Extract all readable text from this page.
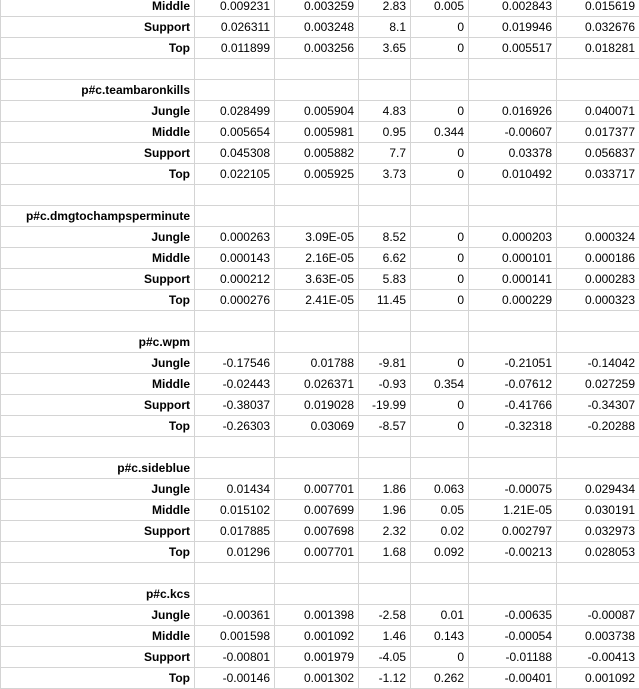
Middle	0.009231	0.003259	2.83	0.005	0.002843	0.015619
Support	0.026311	0.003248	8.1	0	0.019946	0.032676
Top	0.011899	0.003256	3.65	0	0.005517	0.018281

p#c.teambaronkills						
Jungle	0.028499	0.005904	4.83	0	0.016926	0.040071
Middle	0.005654	0.005981	0.95	0.344	-0.00607	0.017377
Support	0.045308	0.005882	7.7	0	0.03378	0.056837
Top	0.022105	0.005925	3.73	0	0.010492	0.033717

p#c.dmgtochampsperminute						
Jungle	0.000263	3.09E-05	8.52	0	0.000203	0.000324
Middle	0.000143	2.16E-05	6.62	0	0.000101	0.000186
Support	0.000212	3.63E-05	5.83	0	0.000141	0.000283
Top	0.000276	2.41E-05	11.45	0	0.000229	0.000323

p#c.wpm						
Jungle	-0.17546	0.01788	-9.81	0	-0.21051	-0.14042
Middle	-0.02443	0.026371	-0.93	0.354	-0.07612	0.027259
Support	-0.38037	0.019028	-19.99	0	-0.41766	-0.34307
Top	-0.26303	0.03069	-8.57	0	-0.32318	-0.20288

p#c.sideblue						
Jungle	0.01434	0.007701	1.86	0.063	-0.00075	0.029434
Middle	0.015102	0.007699	1.96	0.05	1.21E-05	0.030191
Support	0.017885	0.007698	2.32	0.02	0.002797	0.032973
Top	0.01296	0.007701	1.68	0.092	-0.00213	0.028053

p#c.kcs						
Jungle	-0.00361	0.001398	-2.58	0.01	-0.00635	-0.00087
Middle	0.001598	0.001092	1.46	0.143	-0.00054	0.003738
Support	-0.00801	0.001979	-4.05	0	-0.01188	-0.00413
Top	-0.00146	0.001302	-1.12	0.262	-0.00401	0.001092
